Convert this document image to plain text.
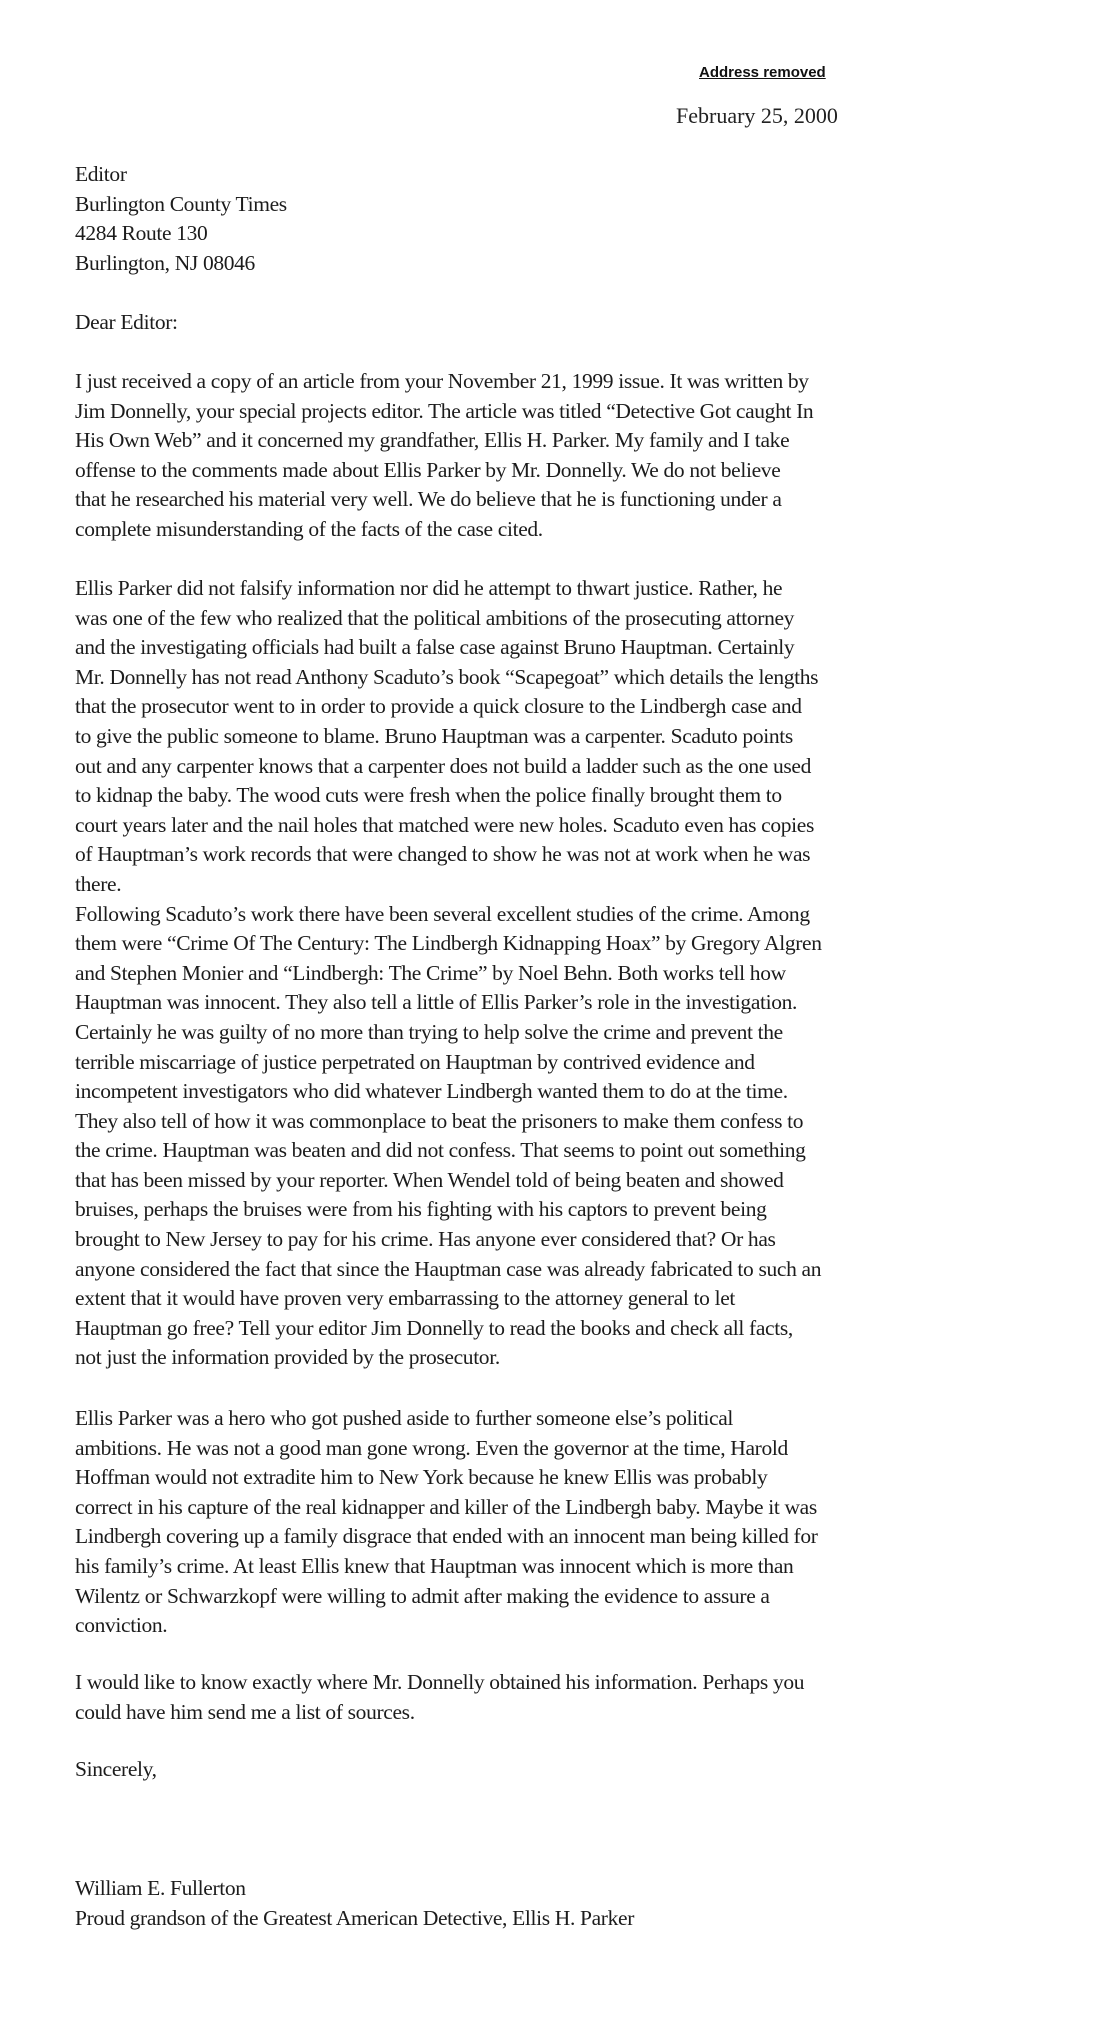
Address removed
February 25, 2000
Editor
Burlington County Times
4284 Route 130
Burlington, NJ 08046
Dear Editor:
I just received a copy of an article from your November 21, 1999 issue. It was written by
Jim Donnelly, your special projects editor. The article was titled “Detective Got caught In
His Own Web” and it concerned my grandfather, Ellis H. Parker. My family and I take
offense to the comments made about Ellis Parker by Mr. Donnelly. We do not believe
that he researched his material very well. We do believe that he is functioning under a
complete misunderstanding of the facts of the case cited.
Ellis Parker did not falsify information nor did he attempt to thwart justice. Rather, he
was one of the few who realized that the political ambitions of the prosecuting attorney
and the investigating officials had built a false case against Bruno Hauptman. Certainly
Mr. Donnelly has not read Anthony Scaduto’s book “Scapegoat” which details the lengths
that the prosecutor went to in order to provide a quick closure to the Lindbergh case and
to give the public someone to blame. Bruno Hauptman was a carpenter. Scaduto points
out and any carpenter knows that a carpenter does not build a ladder such as the one used
to kidnap the baby. The wood cuts were fresh when the police finally brought them to
court years later and the nail holes that matched were new holes. Scaduto even has copies
of Hauptman’s work records that were changed to show he was not at work when he was
there.
Following Scaduto’s work there have been several excellent studies of the crime. Among
them were “Crime Of The Century: The Lindbergh Kidnapping Hoax” by Gregory Algren
and Stephen Monier and “Lindbergh: The Crime” by Noel Behn. Both works tell how
Hauptman was innocent. They also tell a little of Ellis Parker’s role in the investigation.
Certainly he was guilty of no more than trying to help solve the crime and prevent the
terrible miscarriage of justice perpetrated on Hauptman by contrived evidence and
incompetent investigators who did whatever Lindbergh wanted them to do at the time.
They also tell of how it was commonplace to beat the prisoners to make them confess to
the crime. Hauptman was beaten and did not confess. That seems to point out something
that has been missed by your reporter. When Wendel told of being beaten and showed
bruises, perhaps the bruises were from his fighting with his captors to prevent being
brought to New Jersey to pay for his crime. Has anyone ever considered that? Or has
anyone considered the fact that since the Hauptman case was already fabricated to such an
extent that it would have proven very embarrassing to the attorney general to let
Hauptman go free? Tell your editor Jim Donnelly to read the books and check all facts,
not just the information provided by the prosecutor.
Ellis Parker was a hero who got pushed aside to further someone else’s political
ambitions. He was not a good man gone wrong. Even the governor at the time, Harold
Hoffman would not extradite him to New York because he knew Ellis was probably
correct in his capture of the real kidnapper and killer of the Lindbergh baby. Maybe it was
Lindbergh covering up a family disgrace that ended with an innocent man being killed for
his family’s crime. At least Ellis knew that Hauptman was innocent which is more than
Wilentz or Schwarzkopf were willing to admit after making the evidence to assure a
conviction.
I would like to know exactly where Mr. Donnelly obtained his information. Perhaps you
could have him send me a list of sources.
Sincerely,
William E. Fullerton
Proud grandson of the Greatest American Detective, Ellis H. Parker
